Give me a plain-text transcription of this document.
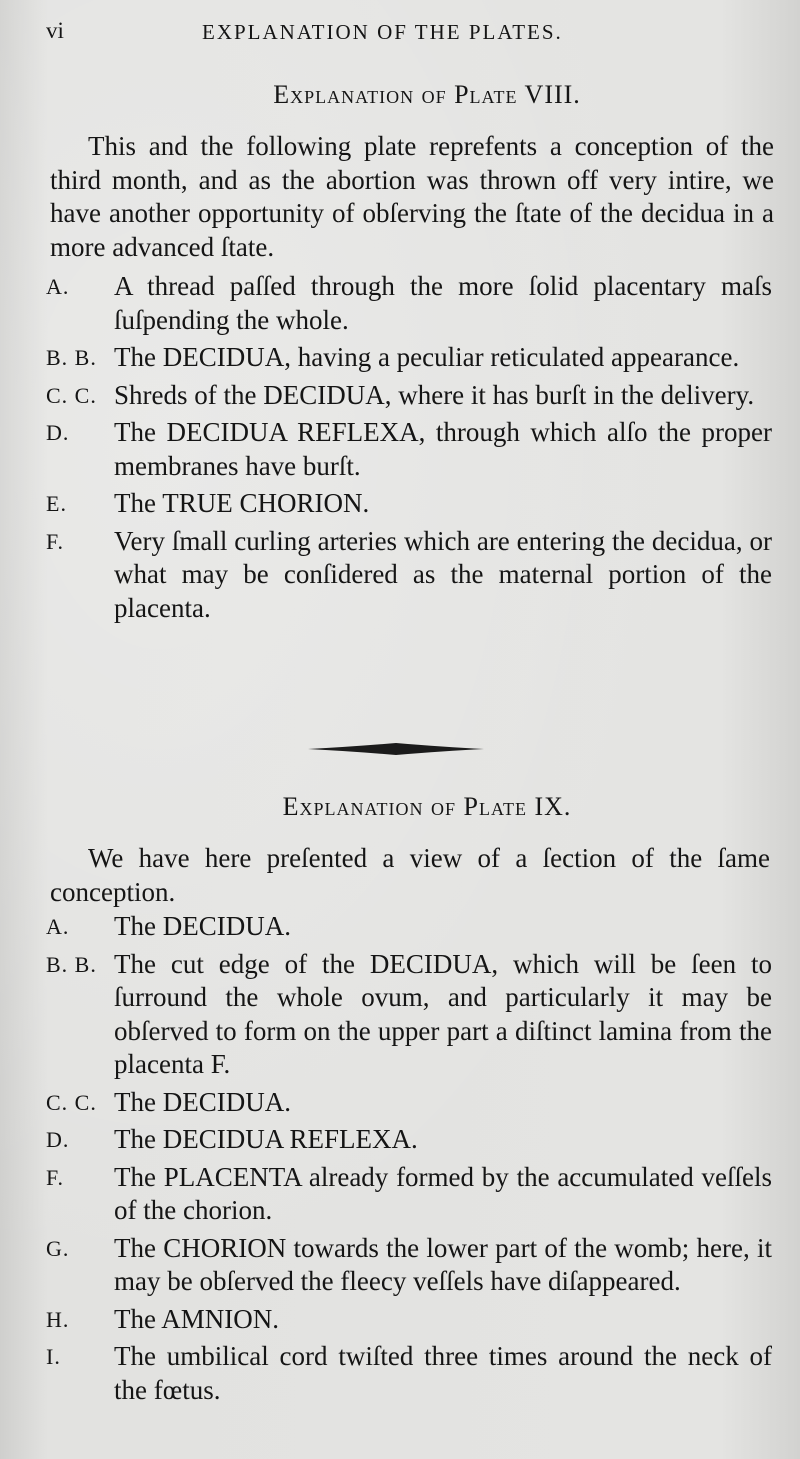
vi	EXPLANATION OF THE PLATES.
Explanation of Plate VIII.

This and the following plate reprefents a conception of the third month, and as the abortion was thrown off very intire, we have another opportunity of obſerving the ſtate of the decidua in a more advanced ſtate.

A. A thread paſſed through the more ſolid placentary maſs ſuſpending the whole.
B. B. The DECIDUA, having a peculiar reticulated appearance.
C. C. Shreds of the DECIDUA, where it has burſt in the delivery.
D. The DECIDUA REFLEXA, through which alſo the proper membranes have burſt.
E. The TRUE CHORION.
F. Very ſmall curling arteries which are entering the decidua, or what may be conſidered as the maternal portion of the placenta.
Explanation of Plate IX.

We have here preſented a view of a ſection of the ſame conception.

A. The DECIDUA.
B. B. The cut edge of the DECIDUA, which will be ſeen to ſurround the whole ovum, and particularly it may be obſerved to form on the upper part a diſtinct lamina from the placenta F.
C. C. The DECIDUA.
D. The DECIDUA REFLEXA.
F. The PLACENTA already formed by the accumulated veſſels of the chorion.
G. The CHORION towards the lower part of the womb; here, it may be obſerved the fleecy veſſels have diſappeared.
H. The AMNION.
I. The umbilical cord twiſted three times around the neck of the fœtus.
